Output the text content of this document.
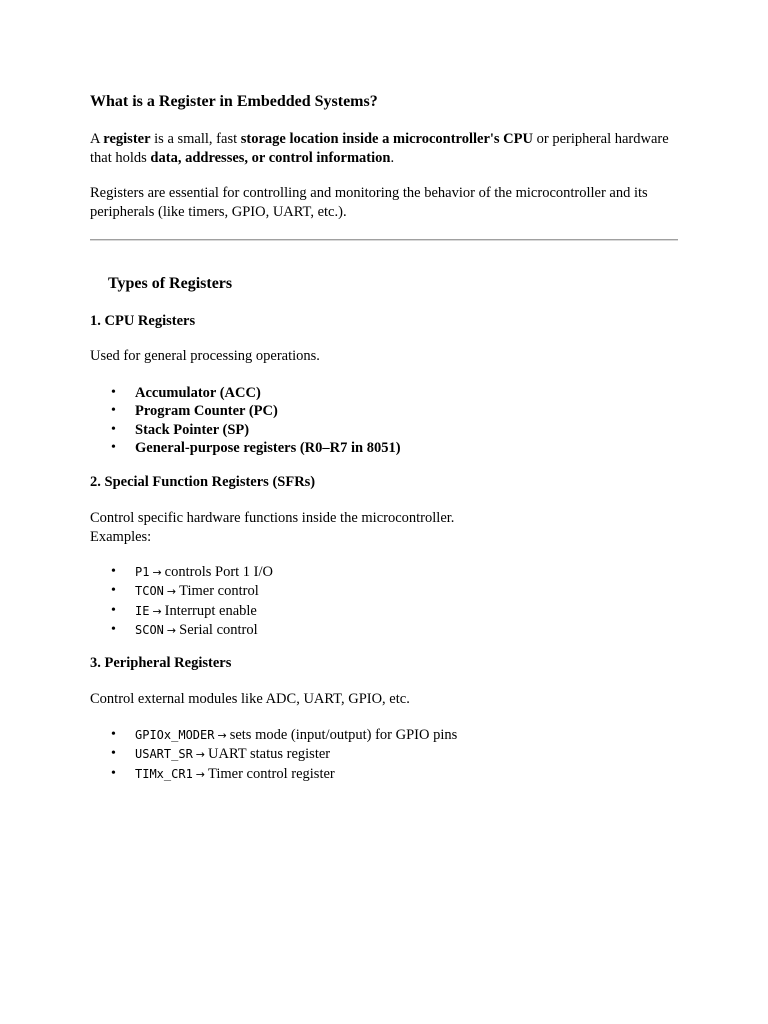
What is a Register in Embedded Systems?
A register is a small, fast storage location inside a microcontroller's CPU or peripheral hardware that holds data, addresses, or control information.
Registers are essential for controlling and monitoring the behavior of the microcontroller and its peripherals (like timers, GPIO, UART, etc.).
Types of Registers
1. CPU Registers
Used for general processing operations.
• Accumulator (ACC)
• Program Counter (PC)
• Stack Pointer (SP)
• General-purpose registers (R0–R7 in 8051)
2. Special Function Registers (SFRs)
Control specific hardware functions inside the microcontroller.
Examples:
• P1 → controls Port 1 I/O
• TCON → Timer control
• IE → Interrupt enable
• SCON → Serial control
3. Peripheral Registers
Control external modules like ADC, UART, GPIO, etc.
• GPIOx_MODER → sets mode (input/output) for GPIO pins
• USART_SR → UART status register
• TIMx_CR1 → Timer control register
